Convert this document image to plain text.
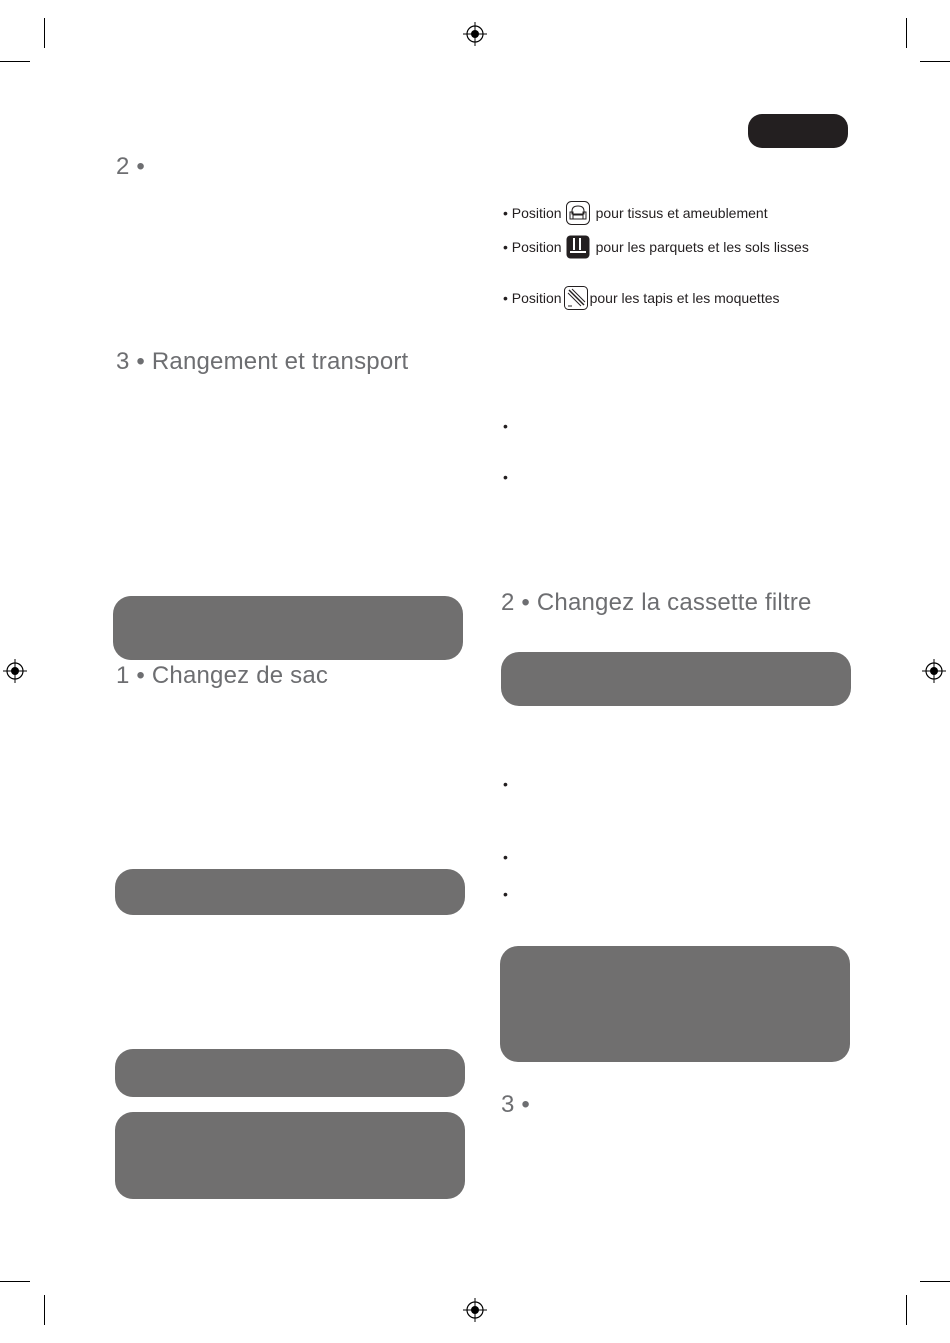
2 •
3 • Rangement et transport
1 • Changez de sac
• Position pour tissus et ameublement
• Position pour les parquets et les sols lisses
• Position pour les tapis et les moquettes
•
•
2 • Changez la cassette filtre
•
•
•
3 •
